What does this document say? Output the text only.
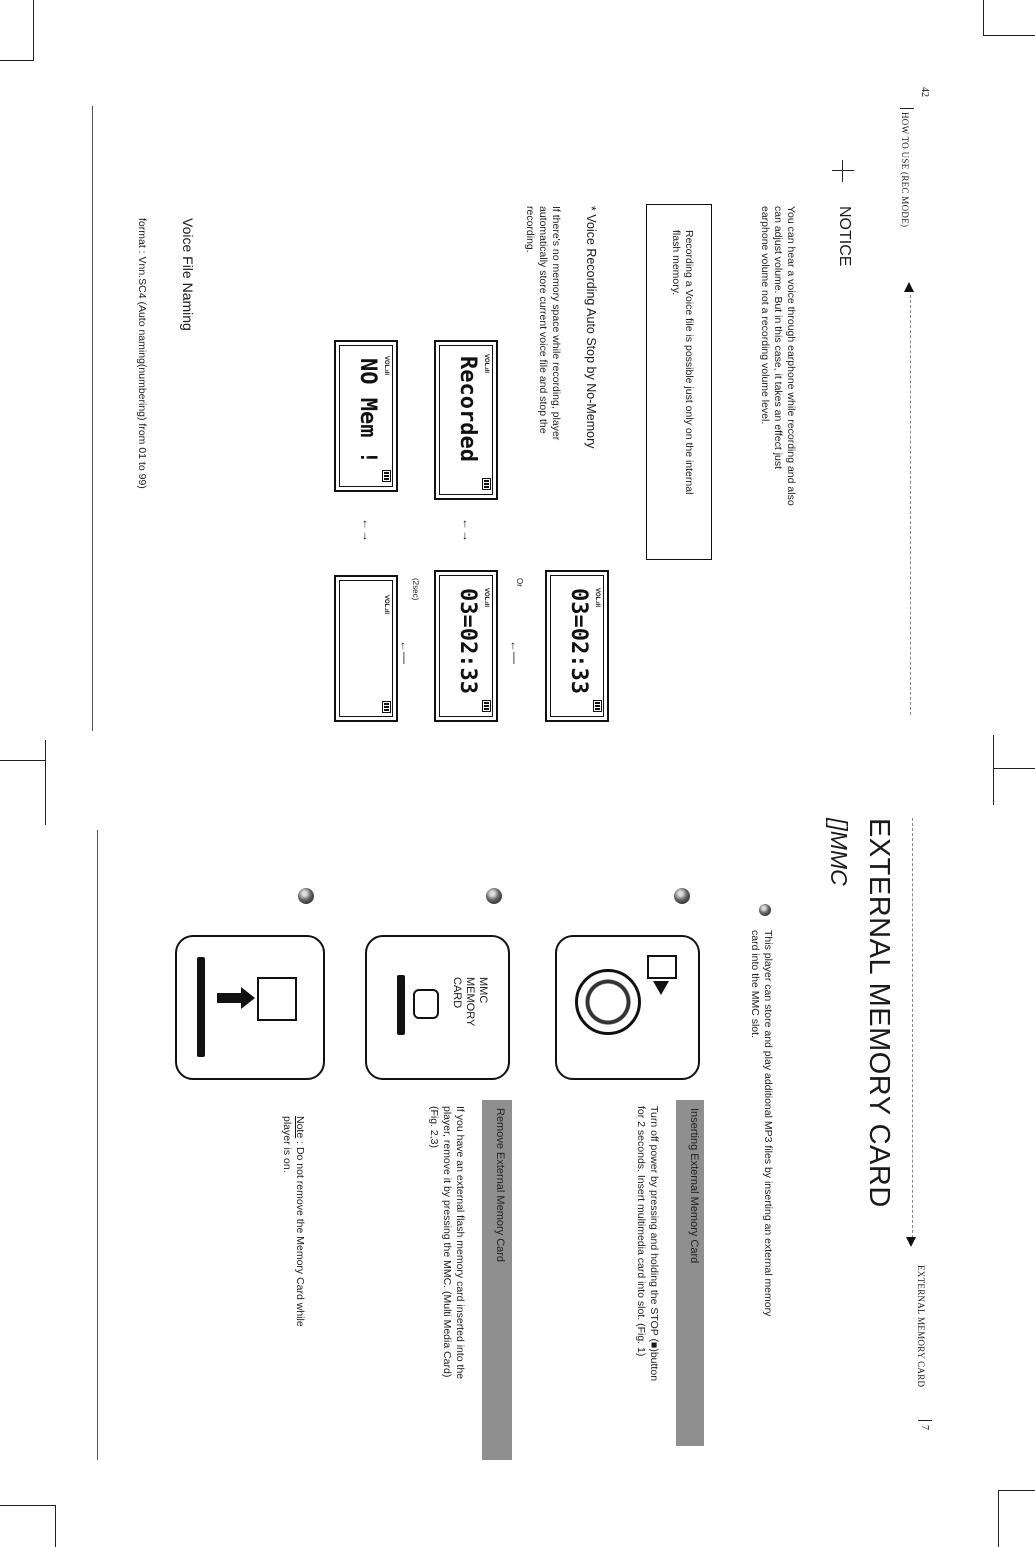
42
HOW TO USE (REC MODE)
NOTICE
You can hear a voice through earphone while recording and also can adjust volume. But in this case, it takes an effect just earphone volume not a recording volume level.
Recording a Voice file is possible just only on the internal flash memory.
* Voice Recording Auto Stop by No-Memory
If there's no memory space while recording, player automatically store current voice file and stop the recording.
VOL.ıll
Recorded
VOL.ıll
NO Mem !
VOL.ıll
03=02:33
VOL.ıll
03=02:33
VOL.ıll
←→
←→
←—
←—
Or
(2sec)
Voice File Naming
format : Vnn.SC4 (Auto naming(numbering) from 01 to 99)
EXTERNAL MEMORY CARD
[]MMC
EXTERNAL MEMORY CARD
7
This player can store and play additional MP3 files by inserting an external memory card into the MMC slot.
Inserting External Memory Card
Turn off power by pressing and holding the STOP (■)button for 2 seconds. Insert multimedia card into slot. (Fig. 1)
Remove External Memory Card
If you have an external flash memory card inserted into the player, remove it by pressing the MMC. (Multi Media Card) (Fig. 2,3)
MMC MEMORY CARD
Note : Do not remove the Memory Card while player is on.
